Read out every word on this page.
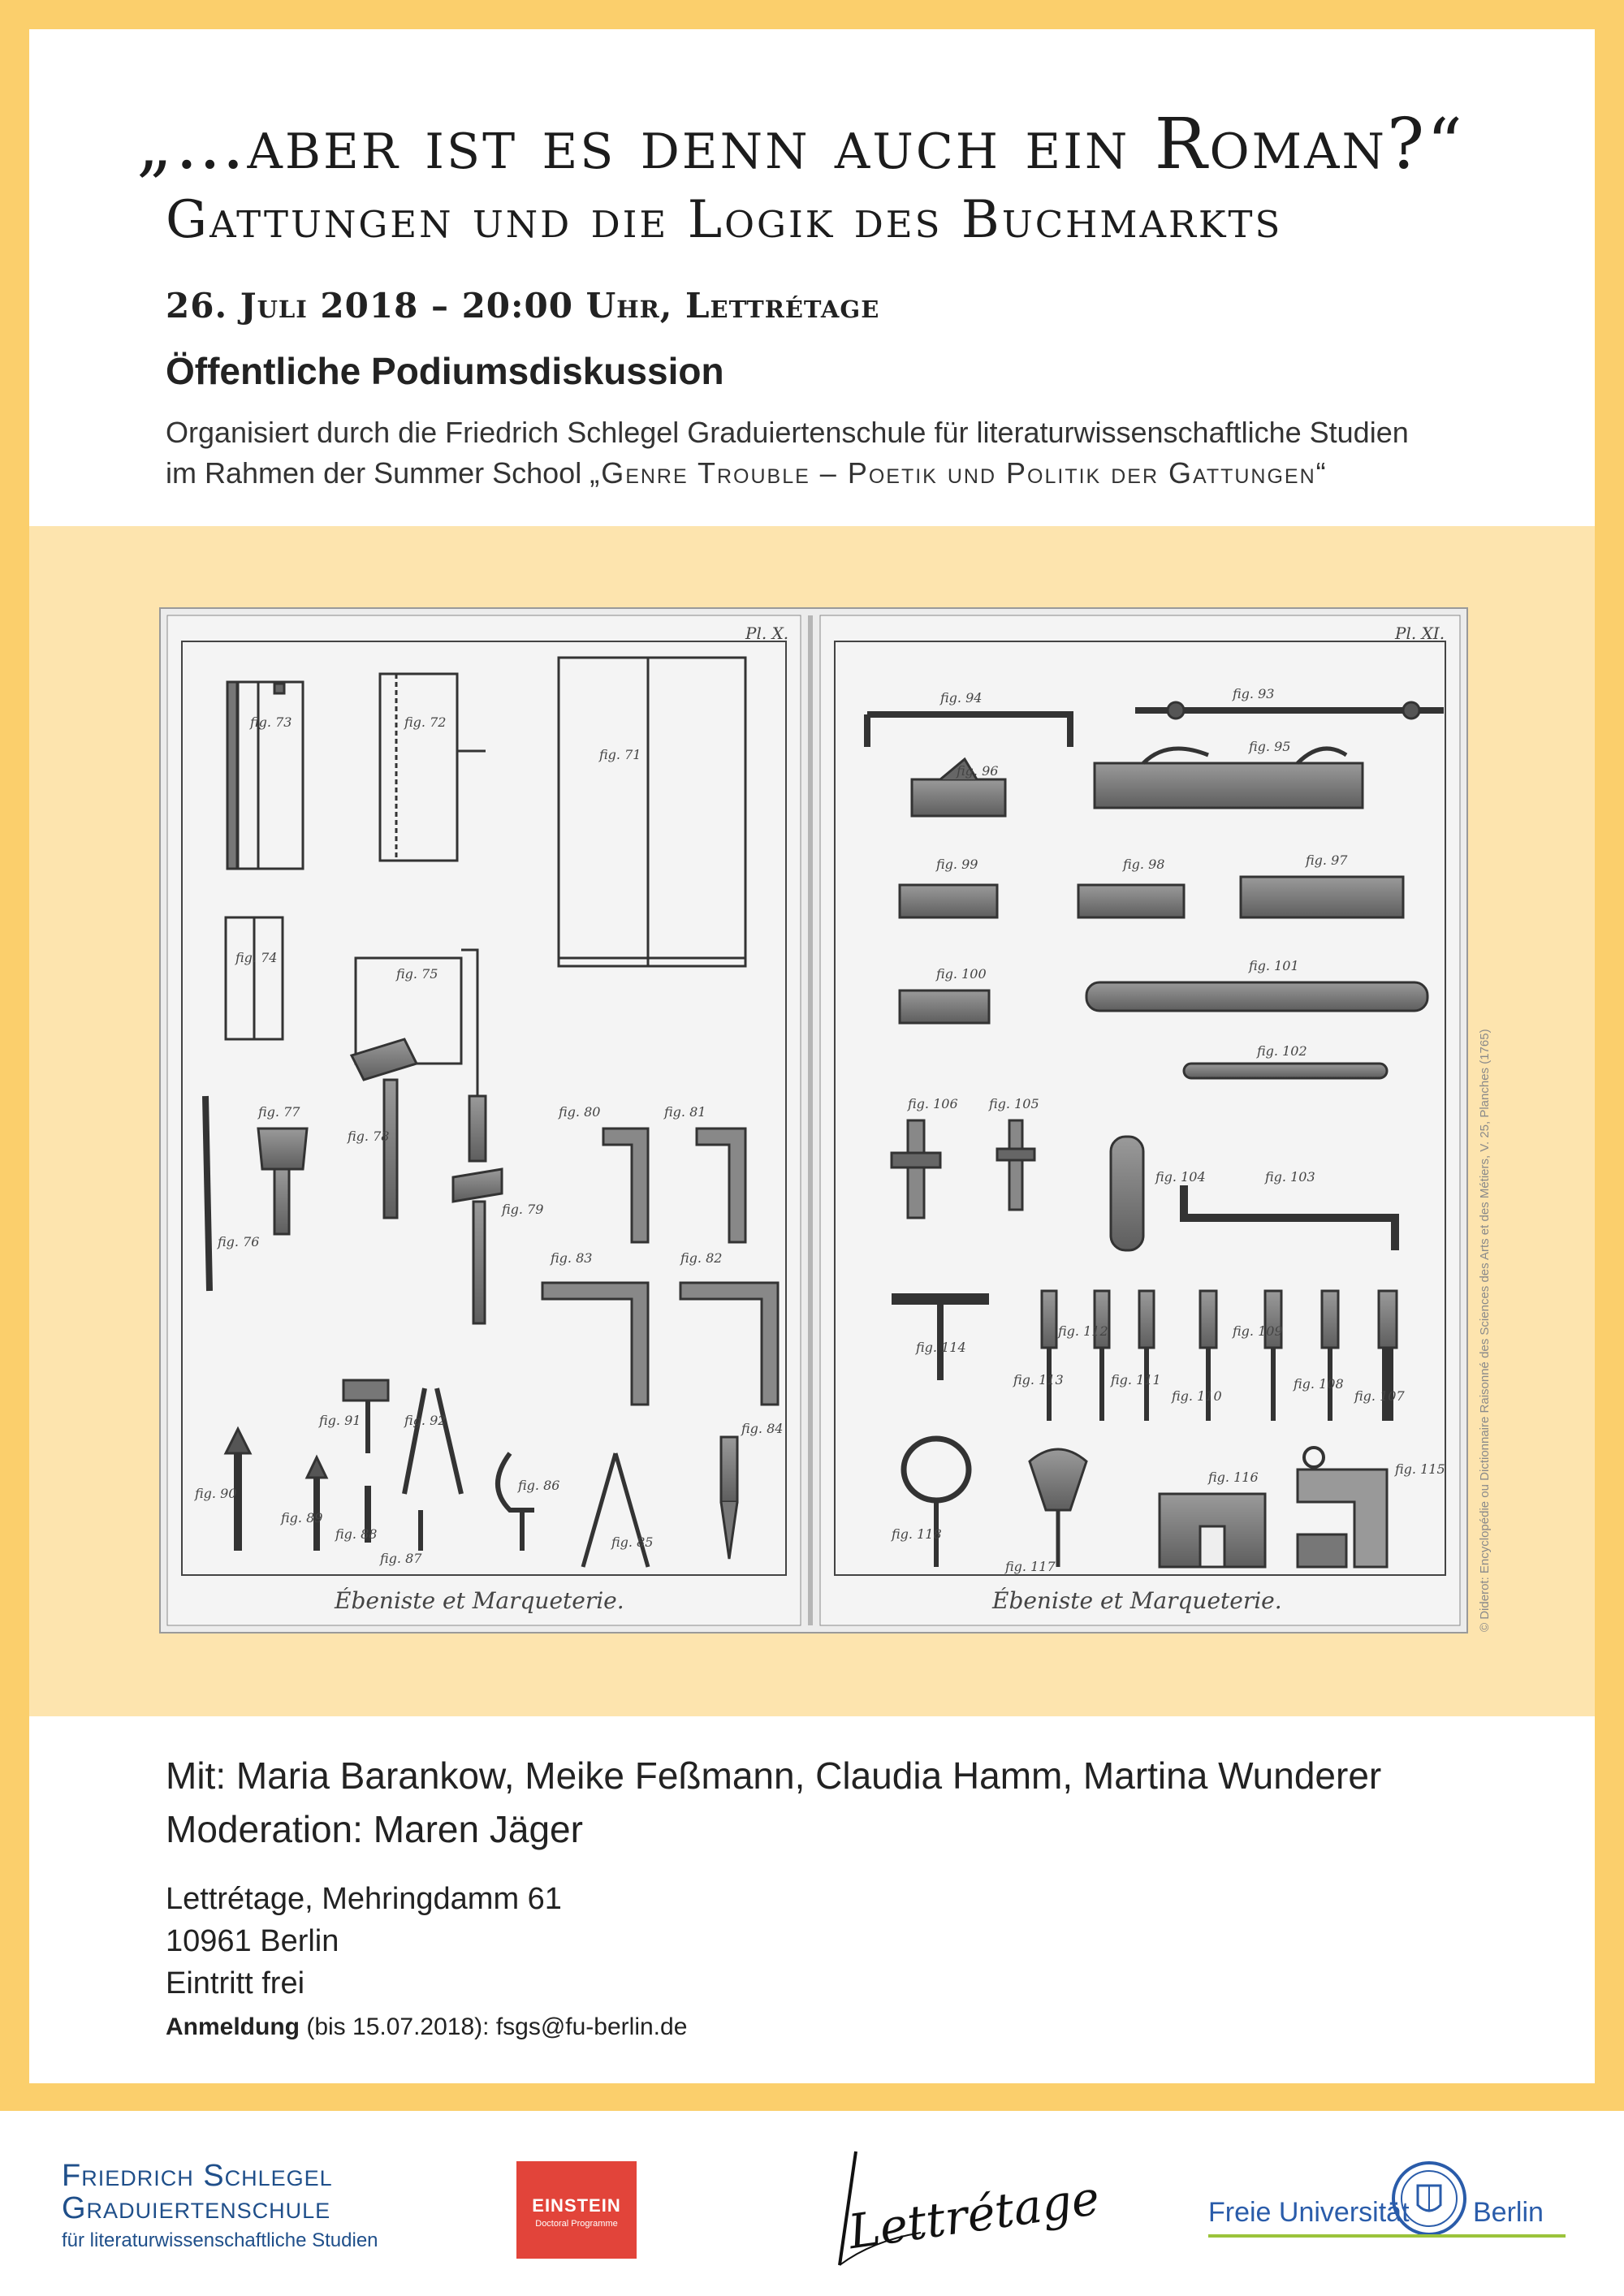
„…aber ist es denn auch ein Roman?“
Gattungen und die Logik des Buchmarkts
26. Juli 2018 – 20:00 Uhr, Lettrétage
Öffentliche Podiumsdiskussion
Organisiert durch die Friedrich Schlegel Graduiertenschule für literaturwissenschaftliche Studien
im Rahmen der Summer School „Genre Trouble – Poetik und Politik der Gattungen“
Pl. X.	Pl. XI.
fig. 73	fig. 72
fig. 71
fig. 74
fig. 75
fig. 80	fig. 81
fig. 77
fig. 78
fig. 79
fig. 76
fig. 83	fig. 82
fig. 91	fig. 92
fig. 90
fig. 89
fig. 88
fig. 87
fig. 86
fig. 85
fig. 84
fig. 94	fig. 93
fig. 96
fig. 95
fig. 99	fig. 98	fig. 97
fig. 100
fig. 101
fig. 102
fig. 106 fig. 105
fig. 104	fig. 103
fig. 114
fig. 113
fig. 112
fig. 111
fig. 110
fig. 109
fig. 108
fig. 107
fig. 118
fig. 117
fig. 116
fig. 115
Ébeniste et Marqueterie.	Ébeniste et Marqueterie.	© Diderot: Encyclopédie ou Dictionnaire Raisonné des Sciences des Arts et des Métiers, V. 25, Planches (1765)
Mit: Maria Barankow, Meike Feßmann, Claudia Hamm, Martina Wunderer
Moderation: Maren Jäger
Lettrétage, Mehringdamm 61
10961 Berlin
Eintritt frei
Anmeldung (bis 15.07.2018): fsgs@fu-berlin.de
Friedrich Schlegel
Graduiertenschule
für literaturwissenschaftliche Studien
EINSTEIN
Doctoral Programme	Lettrétage	Freie Universität Berlin
